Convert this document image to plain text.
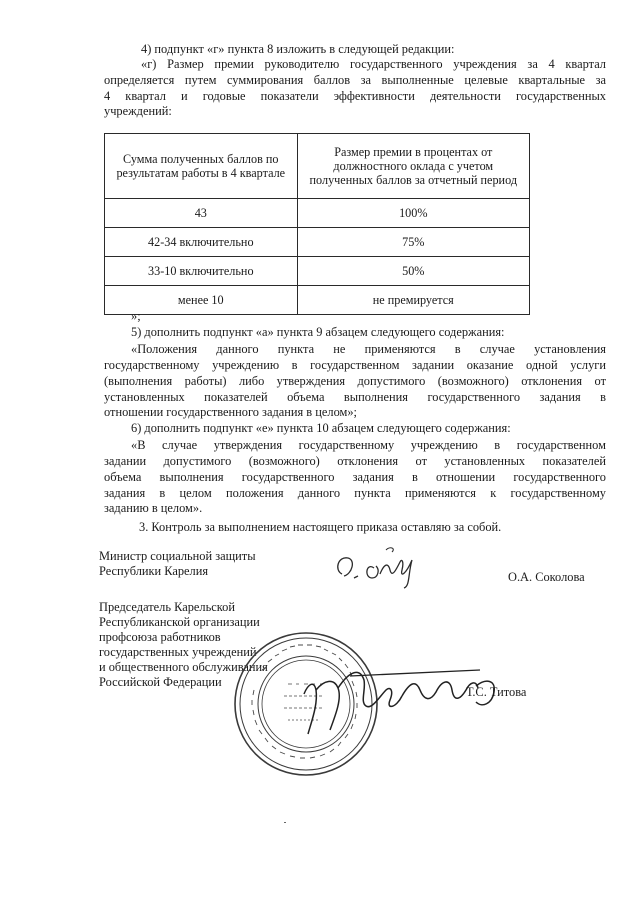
4) подпункт «г» пункта 8 изложить в следующей редакции:
«г) Размер премии руководителю государственного учреждения за 4 квартал
определяется путем суммирования баллов за выполненные целевые квартальные за
4 квартал и годовые показатели эффективности деятельности государственных
учреждений:
Сумма полученных баллов по результатам работы в 4 квартале	Размер премии в процентах от должностного оклада с учетом полученных баллов за отчетный период
43	100%
42-34 включительно	75%
33-10 включительно	50%
менее 10	не премируется
»;
5) дополнить подпункт «а» пункта 9 абзацем следующего содержания:
«Положения данного пункта не применяются в случае установления
государственному учреждению в государственном задании оказание одной услуги
(выполнения работы) либо утверждения допустимого (возможного) отклонения от
установленных показателей объема выполнения государственного задания в
отношении государственного задания в целом»;
6) дополнить подпункт «е» пункта 10 абзацем следующего содержания:
«В случае утверждения государственному учреждению в государственном
задании допустимого (возможного) отклонения от установленных показателей
объема выполнения государственного задания в отношении государственного
задания в целом положения данного пункта применяются к государственному
заданию в целом».
3. Контроль за выполнением настоящего приказа оставляю за собой.
Министр социальной защиты
Республики Карелия	О.А. Соколова
Председатель Карельской
Республиканской организации
профсоюза работников
государственных учреждений
и общественного обслуживания
Российской Федерации
Т.С. Титова
